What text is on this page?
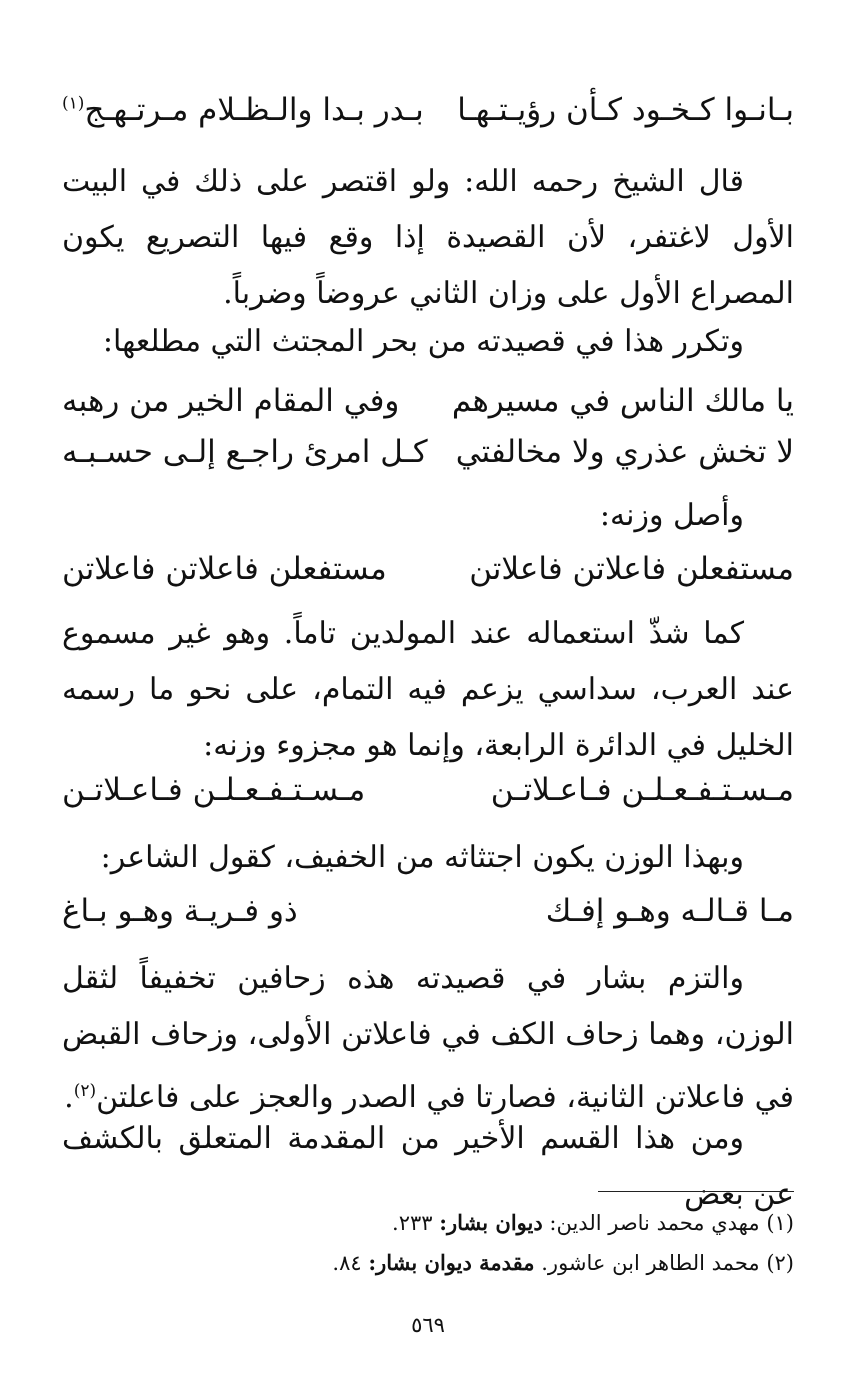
بـانـوا كـخـود كـأن رؤيـتـهـا
بـدر بـدا والـظـلام مـرتـهـج$^{(١)}$
قال الشيخ رحمه الله: ولو اقتصر على ذلك في البيت الأول لاغتفر، لأن القصيدة إذا وقع فيها التصريع يكون المصراع الأول على وزان الثاني عروضاً وضرباً.
وتكرر هذا في قصيدته من بحر المجتث التي مطلعها:
يا مالك الناس في مسيرهم
وفي المقام الخير من رهبه
لا تخش عذري ولا مخالفتي
كـل امرئ راجـع إلـى حسـبـه
وأصل وزنه:
مستفعلن فاعلاتن فاعلاتن
مستفعلن فاعلاتن فاعلاتن
كما شذّ استعماله عند المولدين تاماً. وهو غير مسموع عند العرب، سداسي يزعم فيه التمام، على نحو ما رسمه الخليل في الدائرة الرابعة، وإنما هو مجزوء وزنه:
مـسـتـفـعـلـن فـاعـلاتـن
مـسـتـفـعـلـن فـاعـلاتـن
وبهذا الوزن يكون اجتثاثه من الخفيف، كقول الشاعر:
مـا قـالـه وهـو إفـك
ذو فـريـة وهـو بـاغ
والتزم بشار في قصيدته هذه زحافين تخفيفاً لثقل الوزن، وهما زحاف الكف في فاعلاتن الأولى، وزحاف القبض في فاعلاتن الثانية، فصارتا في الصدر والعجز على فاعلتن$^{(٢)}$.
ومن هذا القسم الأخير من المقدمة المتعلق بالكشف عن بعض
(١) مهدي محمد ناصر الدين: ديوان بشار: ٢٣٣.
(٢) محمد الطاهر ابن عاشور. مقدمة ديوان بشار: ٨٤.
٥٦٩
